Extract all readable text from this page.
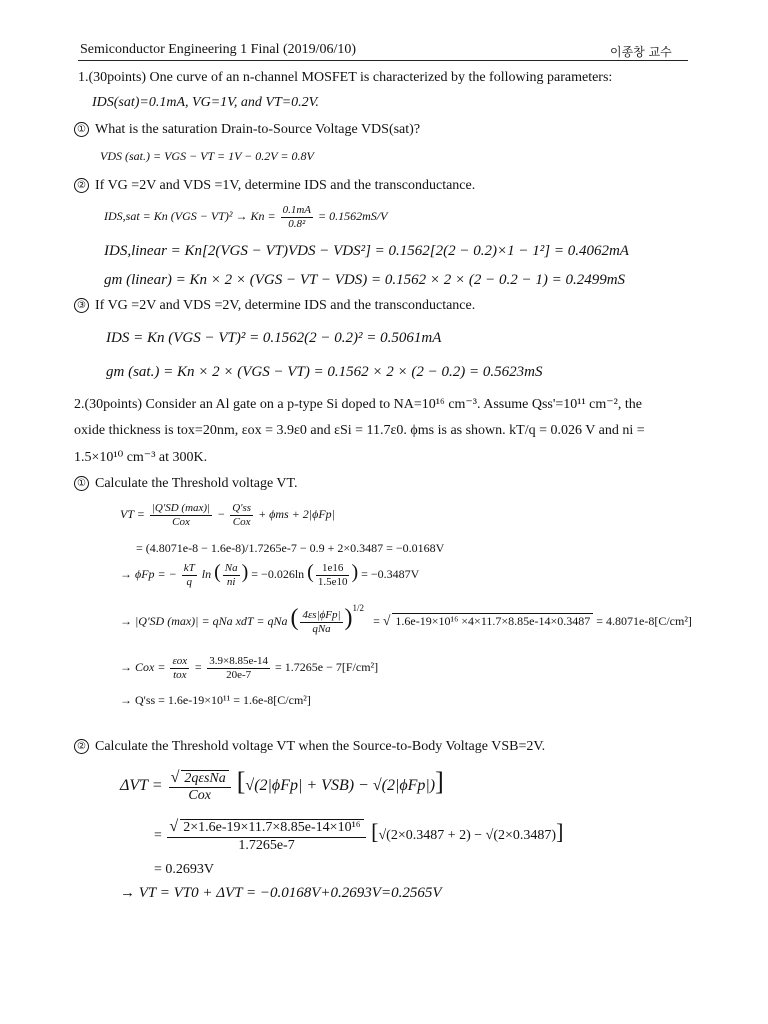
Semiconductor Engineering 1 Final (2019/06/10)	이종창 교수
1.(30points) One curve of an n-channel MOSFET is characterized by the following parameters:
IDS(sat)=0.1mA, VG=1V, and VT=0.2V.
① What is the saturation Drain-to-Source Voltage VDS(sat)?
VDS (sat.) = VGS − VT = 1V − 0.2V = 0.8V
② If VG =2V and VDS =1V, determine IDS and the transconductance.
IDS,sat = Kn $(VGS - VT)^2 \to Kn = \frac{0.1mA}{\text{0.8²}} = 0.1562mS/V$
IDS,linear = Kn[2(VGS − VT)VDS − VDS²] = 0.1562[2(2 − 0.2)×1 − 1²] = 0.4062mA
gm (linear) = Kn × 2 × (VGS − VT − VDS) = 0.1562 × 2 × (2 − 0.2 − 1) = 0.2499mS
③ If VG =2V and VDS =2V, determine IDS and the transconductance.
IDS = Kn (VGS − VT)² = 0.1562(2 − 0.2)² = 0.5061mA
gm (sat.) = Kn × 2 × (VGS − VT) = 0.1562 × 2 × (2 − 0.2) = 0.5623mS
2.(30points) Consider an Al gate on a p-type Si doped to NA=10¹⁶ cm⁻³. Assume Qss'=10¹¹ cm⁻², the
oxide thickness is tox=20nm, εox = 3.9ε0 and εSi = 11.7ε0. ϕms is as shown. kT/q = 0.026 V and ni =
1.5×10¹⁰ cm⁻³ at 300K.
① Calculate the Threshold voltage VT.
VT = $\frac{|Q'SD (\max)|}{\text{Cox}} - \frac{Q'ss}{\text{Cox}} + \phi ms + 2|\phi Fp|$
= (4.8071e-8 − 1.6e-8)/1.7265e-7 − 0.9 + 2×0.3487 = −0.0168V
→ ϕFp = − $\frac{kT}{q}$ ln ( $\frac{Na}{ni}$ ) = −0.026ln ( $\frac{1e16}{1.5e10}$ ) = −0.3487V
→ |Q'SD (max)| = qNa xdT = qNa ( $\frac{\text{4εs|ϕFp|}}{\text{qNa}} )^{1/2}$ = √ 1.6e-19×10¹⁶ ×4×11.7×8.85e-14×0.3487 = 4.8071e-8[C/cm²]
→ Cox = $\frac{\text{εox}}{\text{tox}} = \frac{3.9\times 8.85e-14}{20e-7} = 1.7265e - 7[F/cm^2]$
→ Q'ss = 1.6e-19×10¹¹ = 1.6e-8[C/cm²]
② Calculate the Threshold voltage VT when the Source-to-Body Voltage VSB=2V.
$\Delta VT = \frac{\text{√ 2qεsNa}}{\text{Cox}} [√(2|\phi Fp| + VSB) - √(2|\phi Fp|)]$
= $\frac{\text{√ 2×1.6e-19×11.7×8.85e-14×10¹⁶}}{1.7265e-7} [√(2\times 0.3487 + 2) - √(2\times 0.3487)]$
= 0.2693V
→ VT = VT0 + ΔVT = −0.0168V+0.2693V=0.2565V
